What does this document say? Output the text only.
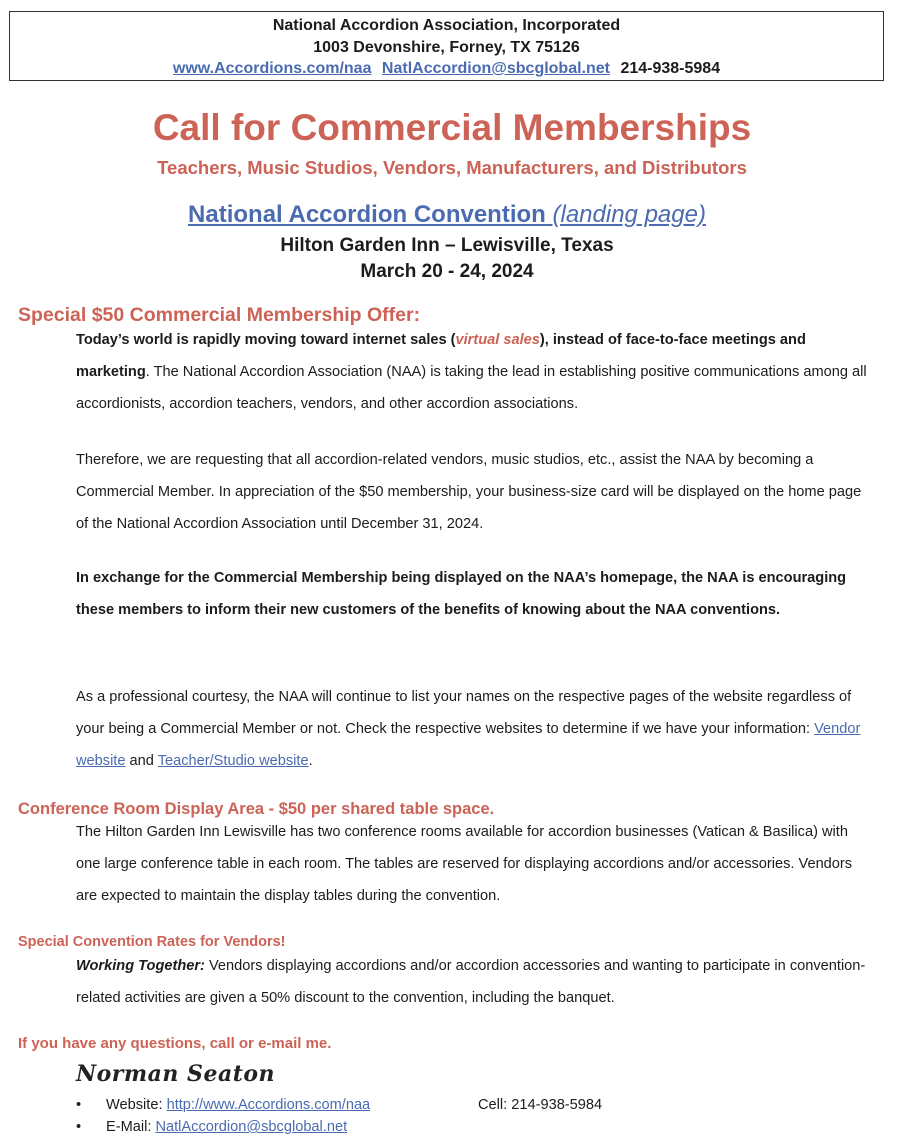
National Accordion Association, Incorporated
1003 Devonshire, Forney, TX 75126
www.Accordions.com/naa NatlAccordion@sbcglobal.net 214-938-5984
Call for Commercial Memberships
Teachers, Music Studios, Vendors, Manufacturers, and Distributors
National Accordion Convention (landing page)
Hilton Garden Inn – Lewisville, Texas
March 20 - 24, 2024
Special $50 Commercial Membership Offer:
Today’s world is rapidly moving toward internet sales (virtual sales), instead of face-to-face meetings and marketing. The National Accordion Association (NAA) is taking the lead in establishing positive communications among all accordionists, accordion teachers, vendors, and other accordion associations.
Therefore, we are requesting that all accordion-related vendors, music studios, etc., assist the NAA by becoming a Commercial Member. In appreciation of the $50 membership, your business-size card will be displayed on the home page of the National Accordion Association until December 31, 2024.
In exchange for the Commercial Membership being displayed on the NAA’s homepage, the NAA is encouraging these members to inform their new customers of the benefits of knowing about the NAA conventions.
As a professional courtesy, the NAA will continue to list your names on the respective pages of the website regardless of your being a Commercial Member or not. Check the respective websites to determine if we have your information: Vendor website and Teacher/Studio website.
Conference Room Display Area - $50 per shared table space.
The Hilton Garden Inn Lewisville has two conference rooms available for accordion businesses (Vatican & Basilica) with one large conference table in each room. The tables are reserved for displaying accordions and/or accessories. Vendors are expected to maintain the display tables during the convention.
Special Convention Rates for Vendors!
Working Together: Vendors displaying accordions and/or accordion accessories and wanting to participate in convention-related activities are given a 50% discount to the convention, including the banquet.
If you have any questions, call or e-mail me.
Norman Seaton
• Website: http://www.Accordions.com/naa	Cell: 214-938-5984
• E-Mail: NatlAccordion@sbcglobal.net
